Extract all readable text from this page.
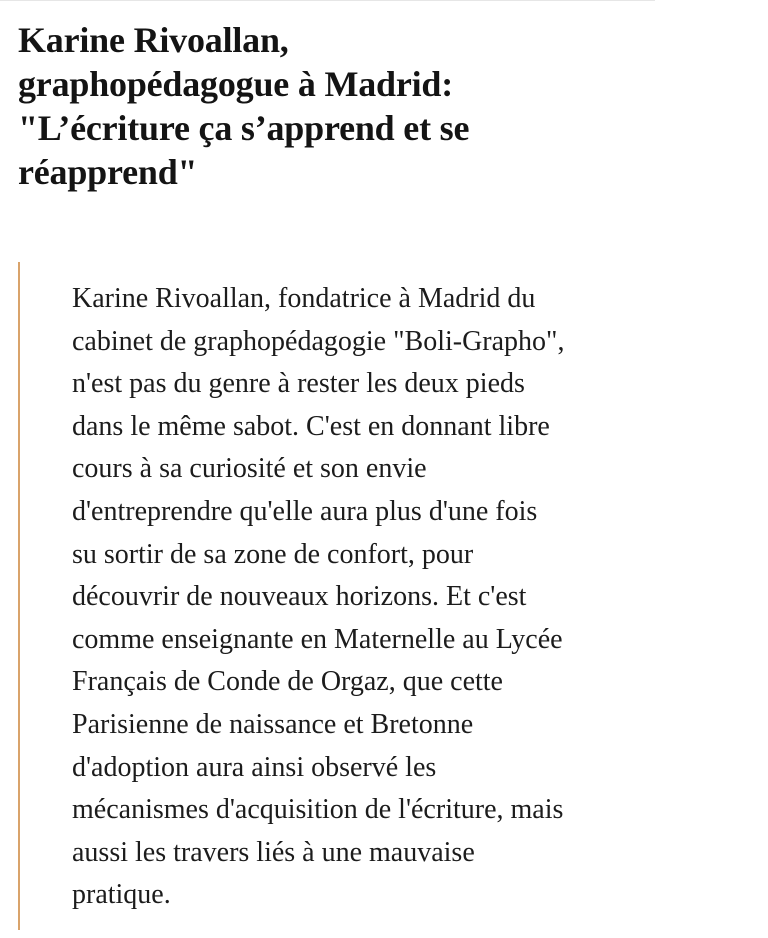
Karine Rivoallan,
graphopédagogue à Madrid:
"L’écriture ça s’apprend et se
réapprend"

Karine Rivoallan, fondatrice à Madrid du
cabinet de graphopédagogie "Boli-Grapho",
n'est pas du genre à rester les deux pieds
dans le même sabot. C'est en donnant libre
cours à sa curiosité et son envie
d'entreprendre qu'elle aura plus d'une fois
su sortir de sa zone de confort, pour
découvrir de nouveaux horizons. Et c'est
comme enseignante en Maternelle au Lycée
Français de Conde de Orgaz, que cette
Parisienne de naissance et Bretonne
d'adoption aura ainsi observé les
mécanismes d'acquisition de l'écriture, mais
aussi les travers liés à une mauvaise
pratique.
